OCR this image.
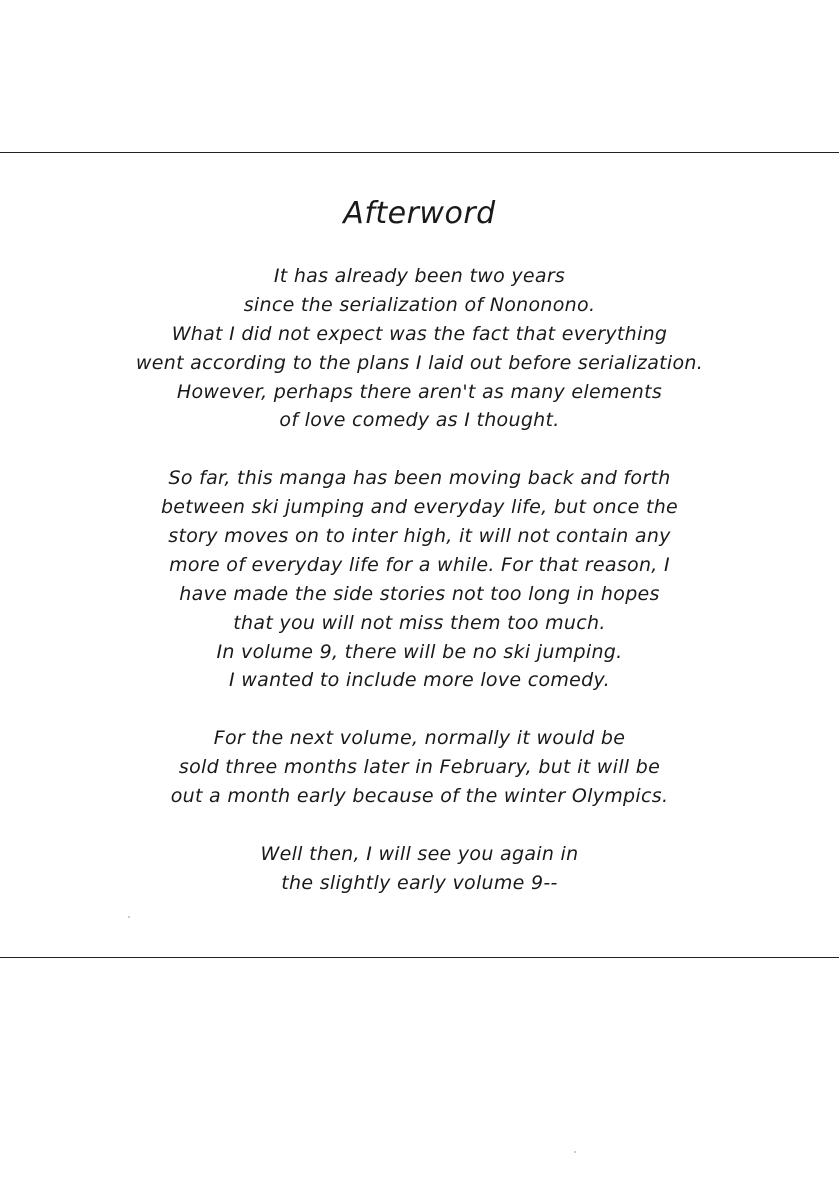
Afterword
It has already been two years
since the serialization of Nononono.
What I did not expect was the fact that everything
went according to the plans I laid out before serialization.
However, perhaps there aren't as many elements
of love comedy as I thought.
So far, this manga has been moving back and forth
between ski jumping and everyday life, but once the
story moves on to inter high, it will not contain any
more of everyday life for a while. For that reason, I
have made the side stories not too long in hopes
that you will not miss them too much.
In volume 9, there will be no ski jumping.
I wanted to include more love comedy.
For the next volume, normally it would be
sold three months later in February, but it will be
out a month early because of the winter Olympics.
Well then, I will see you again in
the slightly early volume 9--
